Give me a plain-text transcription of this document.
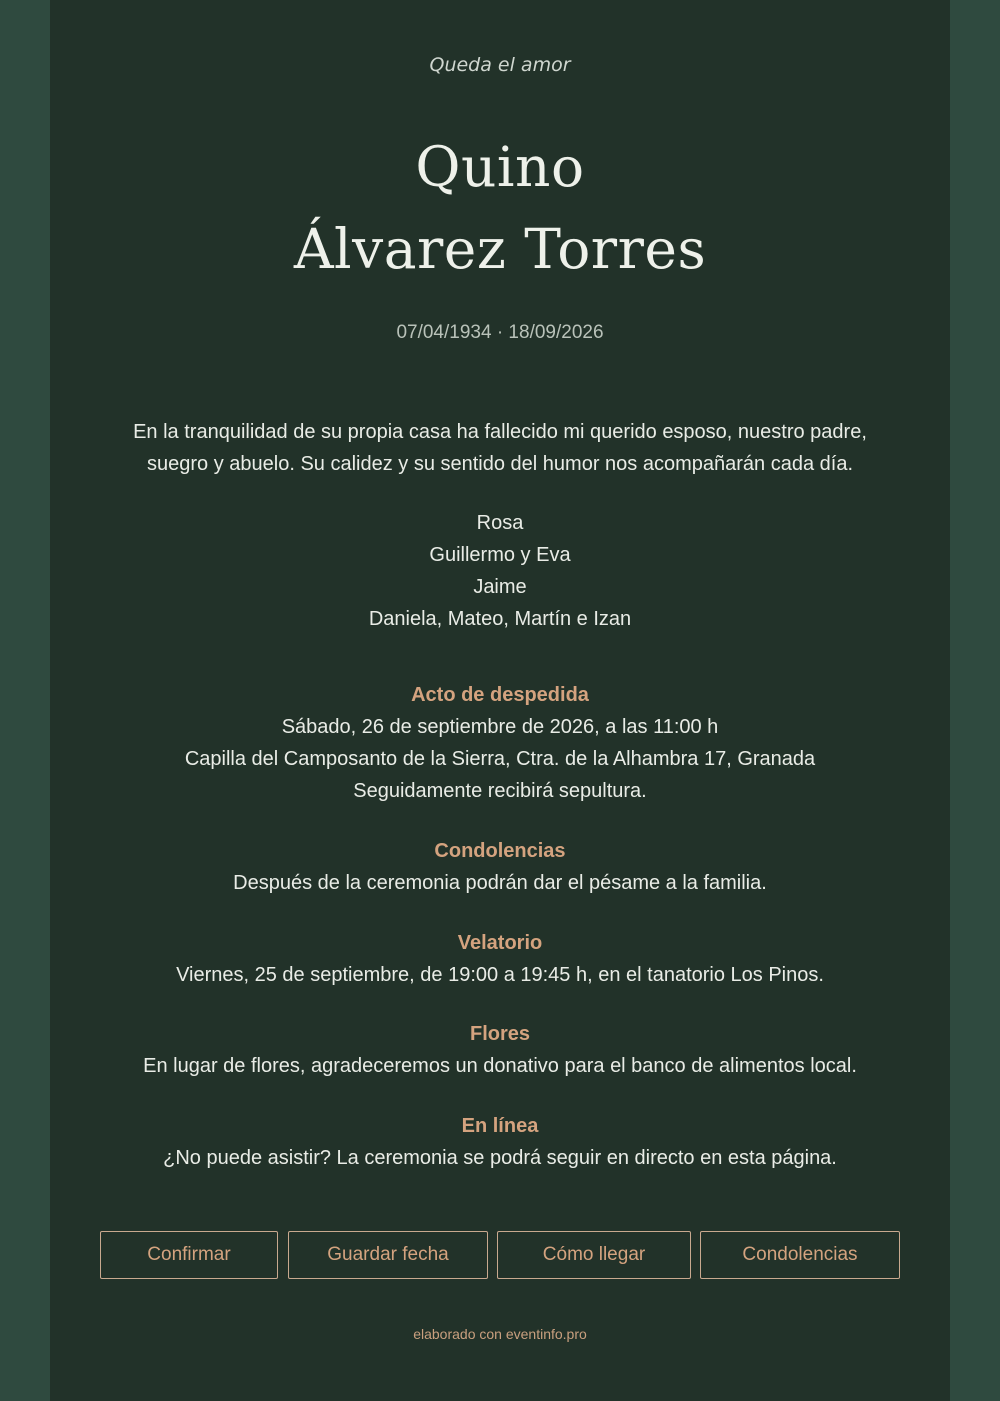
Queda el amor
Quino
Álvarez Torres
07/04/1934 · 18/09/2026
En la tranquilidad de su propia casa ha fallecido mi querido esposo, nuestro padre,
suegro y abuelo. Su calidez y su sentido del humor nos acompañarán cada día.
Rosa
Guillermo y Eva
Jaime
Daniela, Mateo, Martín e Izan
Acto de despedida
Sábado, 26 de septiembre de 2026, a las 11:00 h
Capilla del Camposanto de la Sierra, Ctra. de la Alhambra 17, Granada
Seguidamente recibirá sepultura.
Condolencias
Después de la ceremonia podrán dar el pésame a la familia.
Velatorio
Viernes, 25 de septiembre, de 19:00 a 19:45 h, en el tanatorio Los Pinos.
Flores
En lugar de flores, agradeceremos un donativo para el banco de alimentos local.
En línea
¿No puede asistir? La ceremonia se podrá seguir en directo en esta página.
Confirmar	Guardar fecha	Cómo llegar	Condolencias
elaborado con eventinfo.pro
